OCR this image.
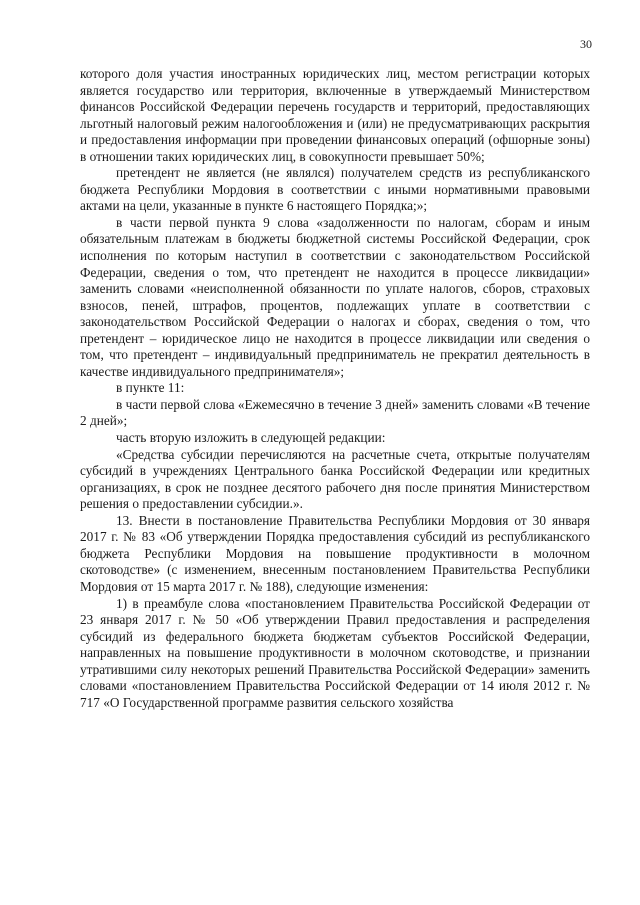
30

которого доля участия иностранных юридических лиц, местом регистрации которых является государство или территория, включенные в утверждаемый Министерством финансов Российской Федерации перечень государств и территорий, предоставляющих льготный налоговый режим налогообложения и (или) не предусматривающих раскрытия и предоставления информации при проведении финансовых операций (офшорные зоны) в отношении таких юридических лиц, в совокупности превышает 50%;

претендент не является (не являлся) получателем средств из республиканского бюджета Республики Мордовия в соответствии с иными нормативными правовыми актами на цели, указанные в пункте 6 настоящего Порядка;»;

в части первой пункта 9 слова «задолженности по налогам, сборам и иным обязательным платежам в бюджеты бюджетной системы Российской Федерации, срок исполнения по которым наступил в соответствии с законодательством Российской Федерации, сведения о том, что претендент не находится в процессе ликвидации» заменить словами «неисполненной обязанности по уплате налогов, сборов, страховых взносов, пеней, штрафов, процентов, подлежащих уплате в соответствии с законодательством Российской Федерации о налогах и сборах, сведения о том, что претендент – юридическое лицо не находится в процессе ликвидации или сведения о том, что претендент – индивидуальный предприниматель не прекратил деятельность в качестве индивидуального предпринимателя»;

в пункте 11:

в части первой слова «Ежемесячно в течение 3 дней» заменить словами «В течение 2 дней»;

часть вторую изложить в следующей редакции:

«Средства субсидии перечисляются на расчетные счета, открытые получателям субсидий в учреждениях Центрального банка Российской Федерации или кредитных организациях, в срок не позднее десятого рабочего дня после принятия Министерством решения о предоставлении субсидии.».

13. Внести в постановление Правительства Республики Мордовия от 30 января 2017 г. № 83 «Об утверждении Порядка предоставления субсидий из республиканского бюджета Республики Мордовия на повышение продуктивности в молочном скотоводстве» (с изменением, внесенным постановлением Правительства Республики Мордовия от 15 марта 2017 г. № 188), следующие изменения:

1) в преамбуле слова «постановлением Правительства Российской Федерации от 23 января 2017 г. № 50 «Об утверждении Правил предоставления и распределения субсидий из федерального бюджета бюджетам субъектов Российской Федерации, направленных на повышение продуктивности в молочном скотоводстве, и признании утратившими силу некоторых решений Правительства Российской Федерации» заменить словами «постановлением Правительства Российской Федерации от 14 июля 2012 г. № 717 «О Государственной программе развития сельского хозяйства
